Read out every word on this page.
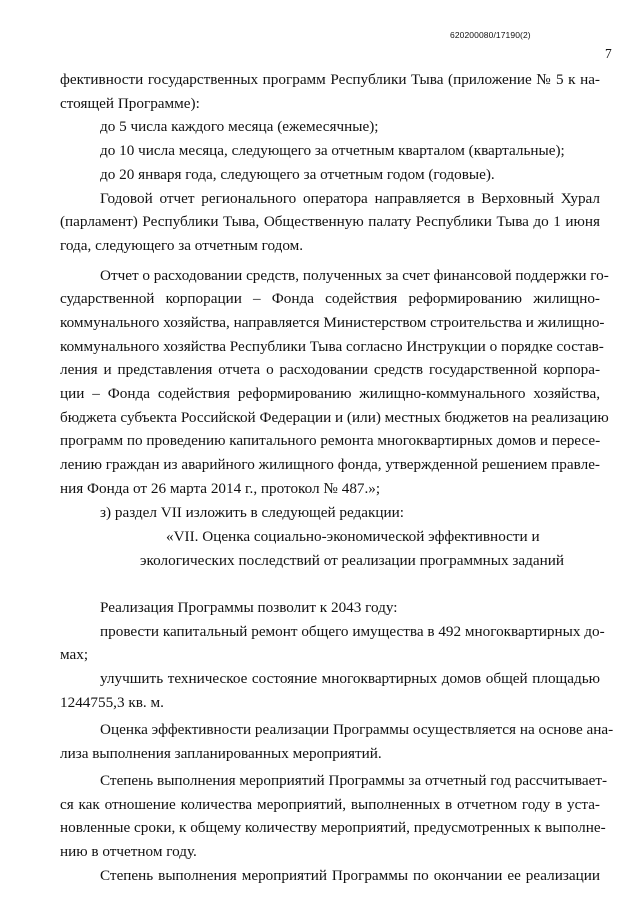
620200080/17190(2)
7
фективности государственных программ Республики Тыва (приложение № 5 к на-
стоящей Программе):
до 5 числа каждого месяца (ежемесячные);
до 10 числа месяца, следующего за отчетным кварталом (квартальные);
до 20 января года, следующего за отчетным годом (годовые).
Годовой отчет регионального оператора направляется в Верховный Хурал
(парламент) Республики Тыва, Общественную палату Республики Тыва до 1 июня
года, следующего за отчетным годом.
Отчет о расходовании средств, полученных за счет финансовой поддержки го-
сударственной корпорации – Фонда содействия реформированию жилищно-
коммунального хозяйства, направляется Министерством строительства и жилищно-
коммунального хозяйства Республики Тыва согласно Инструкции о порядке состав-
ления и представления отчета о расходовании средств государственной корпора-
ции – Фонда содействия реформированию жилищно-коммунального хозяйства,
бюджета субъекта Российской Федерации и (или) местных бюджетов на реализацию
программ по проведению капитального ремонта многоквартирных домов и пересе-
лению граждан из аварийного жилищного фонда, утвержденной решением правле-
ния Фонда от 26 марта 2014 г., протокол № 487.»;
з) раздел VII изложить в следующей редакции:
«VII. Оценка социально-экономической эффективности и
экологических последствий от реализации программных заданий
Реализация Программы позволит к 2043 году:
провести капитальный ремонт общего имущества в 492 многоквартирных до-
мах;
улучшить техническое состояние многоквартирных домов общей площадью
1244755,3 кв. м.
Оценка эффективности реализации Программы осуществляется на основе ана-
лиза выполнения запланированных мероприятий.
Степень выполнения мероприятий Программы за отчетный год рассчитывает-
ся как отношение количества мероприятий, выполненных в отчетном году в уста-
новленные сроки, к общему количеству мероприятий, предусмотренных к выполне-
нию в отчетном году.
Степень выполнения мероприятий Программы по окончании ее реализации
